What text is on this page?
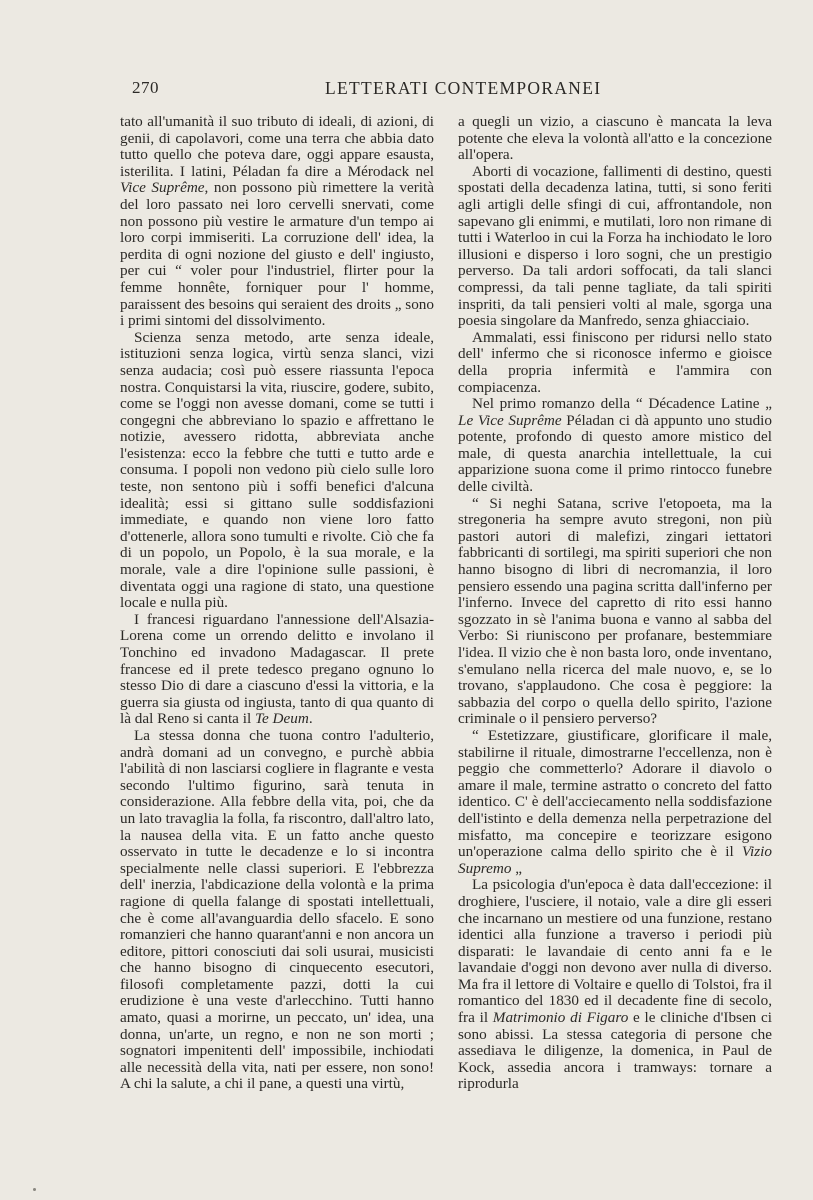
270	LETTERATI CONTEMPORANEI

tato all'umanità il suo tributo di ideali, di azioni, di genii, di capolavori, come una terra che abbia dato tutto quello che poteva dare, oggi appare esausta, isterilita. I latini, Péladan fa dire a Mérodack nel Vice Suprême, non possono più rimettere la verità del loro passato nei loro cervelli snervati, come non possono più vestire le armature d'un tempo ai loro corpi immiseriti. La corruzione dell' idea, la perdita di ogni nozione del giusto e dell' ingiusto, per cui “ voler pour l'industriel, flirter pour la femme honnête, forniquer pour l' homme, paraissent des besoins qui seraient des droits „ sono i primi sintomi del dissolvimento.

Scienza senza metodo, arte senza ideale, istituzioni senza logica, virtù senza slanci, vizi senza audacia; così può essere riassunta l'epoca nostra. Conquistarsi la vita, riuscire, godere, subito, come se l'oggi non avesse domani, come se tutti i congegni che abbreviano lo spazio e affrettano le notizie, avessero ridotta, abbreviata anche l'esistenza: ecco la febbre che tutti e tutto arde e consuma. I popoli non vedono più cielo sulle loro teste, non sentono più i soffi benefici d'alcuna idealità; essi si gittano sulle soddisfazioni immediate, e quando non viene loro fatto d'ottenerle, allora sono tumulti e rivolte. Ciò che fa di un popolo, un Popolo, è la sua morale, e la morale, vale a dire l'opinione sulle passioni, è diventata oggi una ragione di stato, una questione locale e nulla più.

I francesi riguardano l'annessione dell'Alsazia-Lorena come un orrendo delitto e involano il Tonchino ed invadono Madagascar. Il prete francese ed il prete tedesco pregano ognuno lo stesso Dio di dare a ciascuno d'essi la vittoria, e la guerra sia giusta od ingiusta, tanto di qua quanto di là dal Reno si canta il Te Deum.

La stessa donna che tuona contro l'adulterio, andrà domani ad un convegno, e purchè abbia l'abilità di non lasciarsi cogliere in flagrante e vesta secondo l'ultimo figurino, sarà tenuta in considerazione. Alla febbre della vita, poi, che da un lato travaglia la folla, fa riscontro, dall'altro lato, la nausea della vita. E un fatto anche questo osservato in tutte le decadenze e lo si incontra specialmente nelle classi superiori. E l'ebbrezza dell' inerzia, l'abdicazione della volontà e la prima ragione di quella falange di spostati intellettuali, che è come all'avanguardia dello sfacelo. E sono romanzieri che hanno quarant'anni e non ancora un editore, pittori conosciuti dai soli usurai, musicisti che hanno bisogno di cinquecento esecutori, filosofi completamente pazzi, dotti la cui erudizione è una veste d'arlecchino. Tutti hanno amato, quasi a morirne, un peccato, un' idea, una donna, un'arte, un regno, e non ne son morti ; sognatori impenitenti dell' impossibile, inchiodati alle necessità della vita, nati per essere, non sono! A chi la salute, a chi il pane, a questi una virtù,

a quegli un vizio, a ciascuno è mancata la leva potente che eleva la volontà all'atto e la concezione all'opera.

Aborti di vocazione, fallimenti di destino, questi spostati della decadenza latina, tutti, si sono feriti agli artigli delle sfingi di cui, affrontandole, non sapevano gli enimmi, e mutilati, loro non rimane di tutti i Waterloo in cui la Forza ha inchiodato le loro illusioni e disperso i loro sogni, che un prestigio perverso. Da tali ardori soffocati, da tali slanci compressi, da tali penne tagliate, da tali spiriti inspriti, da tali pensieri volti al male, sgorga una poesia singolare da Manfredo, senza ghiacciaio.

Ammalati, essi finiscono per ridursi nello stato dell' infermo che si riconosce infermo e gioisce della propria infermità e l'ammira con compiacenza.

Nel primo romanzo della “ Décadence Latine „ Le Vice Suprême Péladan ci dà appunto uno studio potente, profondo di questo amore mistico del male, di questa anarchia intellettuale, la cui apparizione suona come il primo rintocco funebre delle civiltà.

“ Si neghi Satana, scrive l'etopoeta, ma la stregoneria ha sempre avuto stregoni, non più pastori autori di malefizi, zingari iettatori fabbricanti di sortilegi, ma spiriti superiori che non hanno bisogno di libri di necromanzia, il loro pensiero essendo una pagina scritta dall'inferno per l'inferno. Invece del capretto di rito essi hanno sgozzato in sè l'anima buona e vanno al sabba del Verbo: Si riuniscono per profanare, bestemmiare l'idea. Il vizio che è non basta loro, onde inventano, s'emulano nella ricerca del male nuovo, e, se lo trovano, s'applaudono. Che cosa è peggiore: la sabbazia del corpo o quella dello spirito, l'azione criminale o il pensiero perverso?

“ Estetizzare, giustificare, glorificare il male, stabilirne il rituale, dimostrarne l'eccellenza, non è peggio che commetterlo? Adorare il diavolo o amare il male, termine astratto o concreto del fatto identico. C' è dell'acciecamento nella soddisfazione dell'istinto e della demenza nella perpetrazione del misfatto, ma concepire e teorizzare esigono un'operazione calma dello spirito che è il Vizio Supremo „

La psicologia d'un'epoca è data dall'eccezione: il droghiere, l'usciere, il notaio, vale a dire gli esseri che incarnano un mestiere od una funzione, restano identici alla funzione a traverso i periodi più disparati: le lavandaie di cento anni fa e le lavandaie d'oggi non devono aver nulla di diverso. Ma fra il lettore di Voltaire e quello di Tolstoi, fra il romantico del 1830 ed il decadente fine di secolo, fra il Matrimonio di Figaro e le cliniche d'Ibsen ci sono abissi. La stessa categoria di persone che assediava le diligenze, la domenica, in Paul de Kock, assedia ancora i tramways: tornare a riprodurla
